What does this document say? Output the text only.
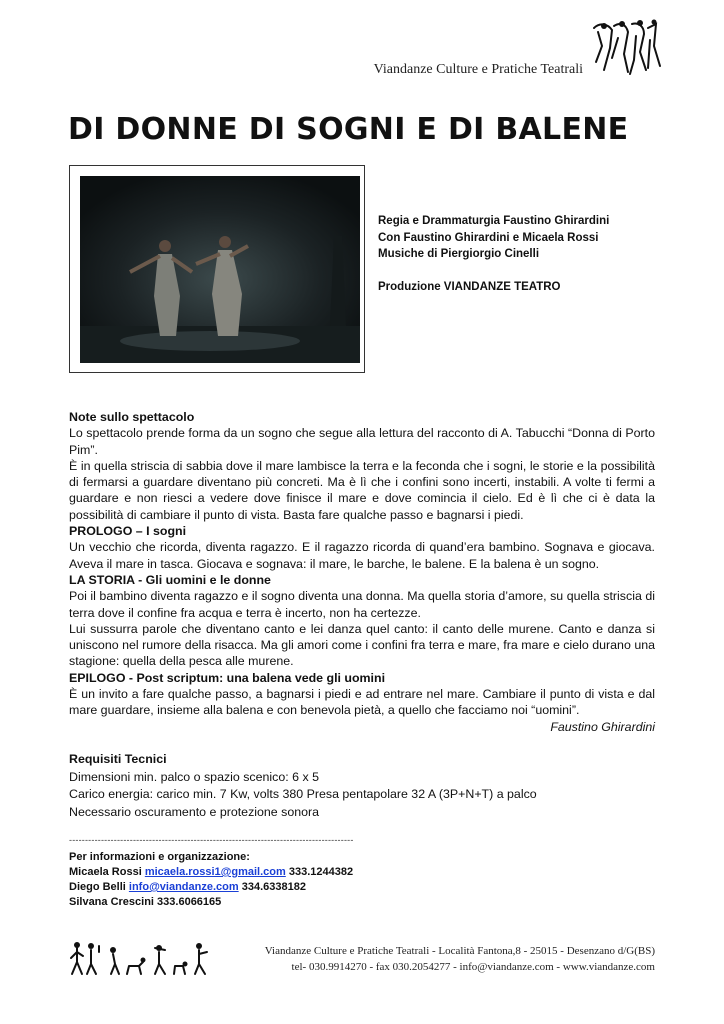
Viandanze Culture e Pratiche Teatrali
DI DONNE DI SOGNI E DI BALENE
Regia e Drammaturgia Faustino Ghirardini
Con Faustino Ghirardini e Micaela Rossi
Musiche di Piergiorgio Cinelli
Produzione VIANDANZE TEATRO

Note sullo spettacolo

Lo spettacolo prende forma da un sogno che segue alla lettura del racconto di A. Tabucchi “Donna di Porto Pim”.

È in quella striscia di sabbia dove il mare lambisce la terra e la feconda che i sogni, le storie e la possibilità di fermarsi a guardare diventano più concreti. Ma è lì che i confini sono incerti, instabili. A volte ti fermi a guardare e non riesci a vedere dove finisce il mare e dove comincia il cielo. Ed è lì che ci è data la possibilità di cambiare il punto di vista. Basta fare qualche passo e bagnarsi i piedi.

PROLOGO – I sogni

Un vecchio che ricorda, diventa ragazzo. E il ragazzo ricorda di quand’era bambino. Sognava e giocava. Aveva il mare in tasca. Giocava e sognava: il mare, le barche, le balene. E la balena è un sogno.

LA STORIA - Gli uomini e le donne

Poi il bambino diventa ragazzo e il sogno diventa una donna. Ma quella storia d’amore, su quella striscia di terra dove il confine fra acqua e terra è incerto, non ha certezze.

Lui sussurra parole che diventano canto e lei danza quel canto: il canto delle murene. Canto e danza si uniscono nel rumore della risacca. Ma gli amori come i confini fra terra e mare, fra mare e cielo durano una stagione: quella della pesca alle murene.

EPILOGO - Post scriptum: una balena vede gli uomini

È un invito a fare qualche passo, a bagnarsi i piedi e ad entrare nel mare. Cambiare il punto di vista e dal mare guardare, insieme alla balena e con benevola pietà, a quello che facciamo noi “uomini”.

Faustino Ghirardini

Requisiti Tecnici
Dimensioni min. palco o spazio scenico: 6 x 5
Carico energia: carico min. 7 Kw, volts 380 Presa pentapolare 32 A (3P+N+T) a palco
Necessario oscuramento e protezione sonora
-----------------------------------------------------------------------------------------
Per informazioni e organizzazione:
Micaela Rossi micaela.rossi1@gmail.com 333.1244382
Diego Belli info@viandanze.com 334.6338182
Silvana Crescini 333.6066165
Viandanze Culture e Pratiche Teatrali - Località Fantona,8 - 25015 - Desenzano d/G(BS)
tel- 030.9914270 - fax 030.2054277 - info@viandanze.com - www.viandanze.com
